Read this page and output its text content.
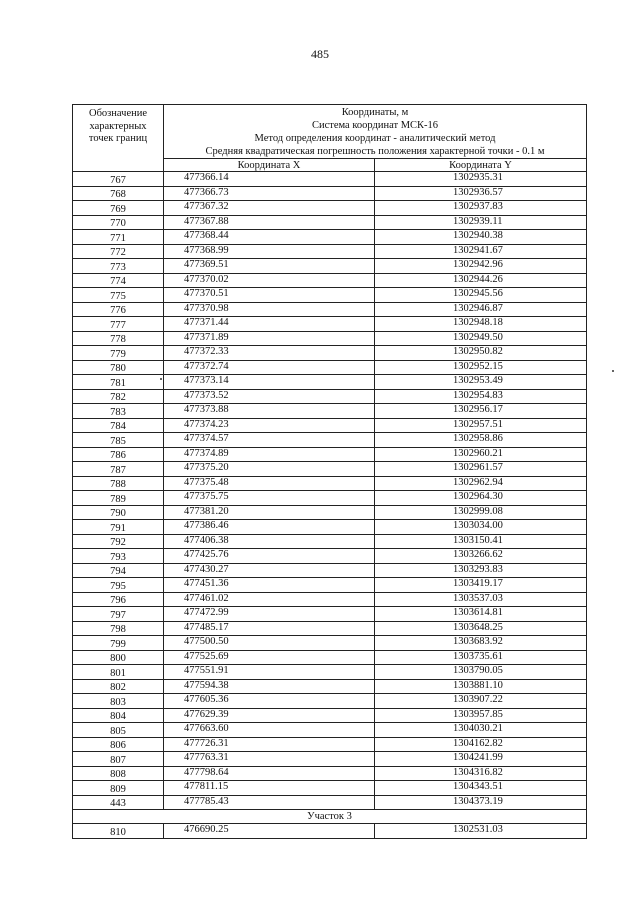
485
Обозначение
характерных
точек границ	Координаты, м
Система координат МСК-16
Метод определения координат - аналитический метод
Средняя квадратическая погрешность положения характерной точки - 0.1 м	
	Координата X	Координата Y
767	477366.14	1302935.31
768	477366.73	1302936.57
769	477367.32	1302937.83
770	477367.88	1302939.11
771	477368.44	1302940.38
772	477368.99	1302941.67
773	477369.51	1302942.96
774	477370.02	1302944.26
775	477370.51	1302945.56
776	477370.98	1302946.87
777	477371.44	1302948.18
778	477371.89	1302949.50
779	477372.33	1302950.82
780	477372.74	1302952.15
781	477373.14	1302953.49
782	477373.52	1302954.83
783	477373.88	1302956.17
784	477374.23	1302957.51
785	477374.57	1302958.86
786	477374.89	1302960.21
787	477375.20	1302961.57
788	477375.48	1302962.94
789	477375.75	1302964.30
790	477381.20	1302999.08
791	477386.46	1303034.00
792	477406.38	1303150.41
793	477425.76	1303266.62
794	477430.27	1303293.83
795	477451.36	1303419.17
796	477461.02	1303537.03
797	477472.99	1303614.81
798	477485.17	1303648.25
799	477500.50	1303683.92
800	477525.69	1303735.61
801	477551.91	1303790.05
802	477594.38	1303881.10
803	477605.36	1303907.22
804	477629.39	1303957.85
805	477663.60	1304030.21
806	477726.31	1304162.82
807	477763.31	1304241.99
808	477798.64	1304316.82
809	477811.15	1304343.51
443	477785.43	1304373.19
Участок 3		
810	476690.25	1302531.03
